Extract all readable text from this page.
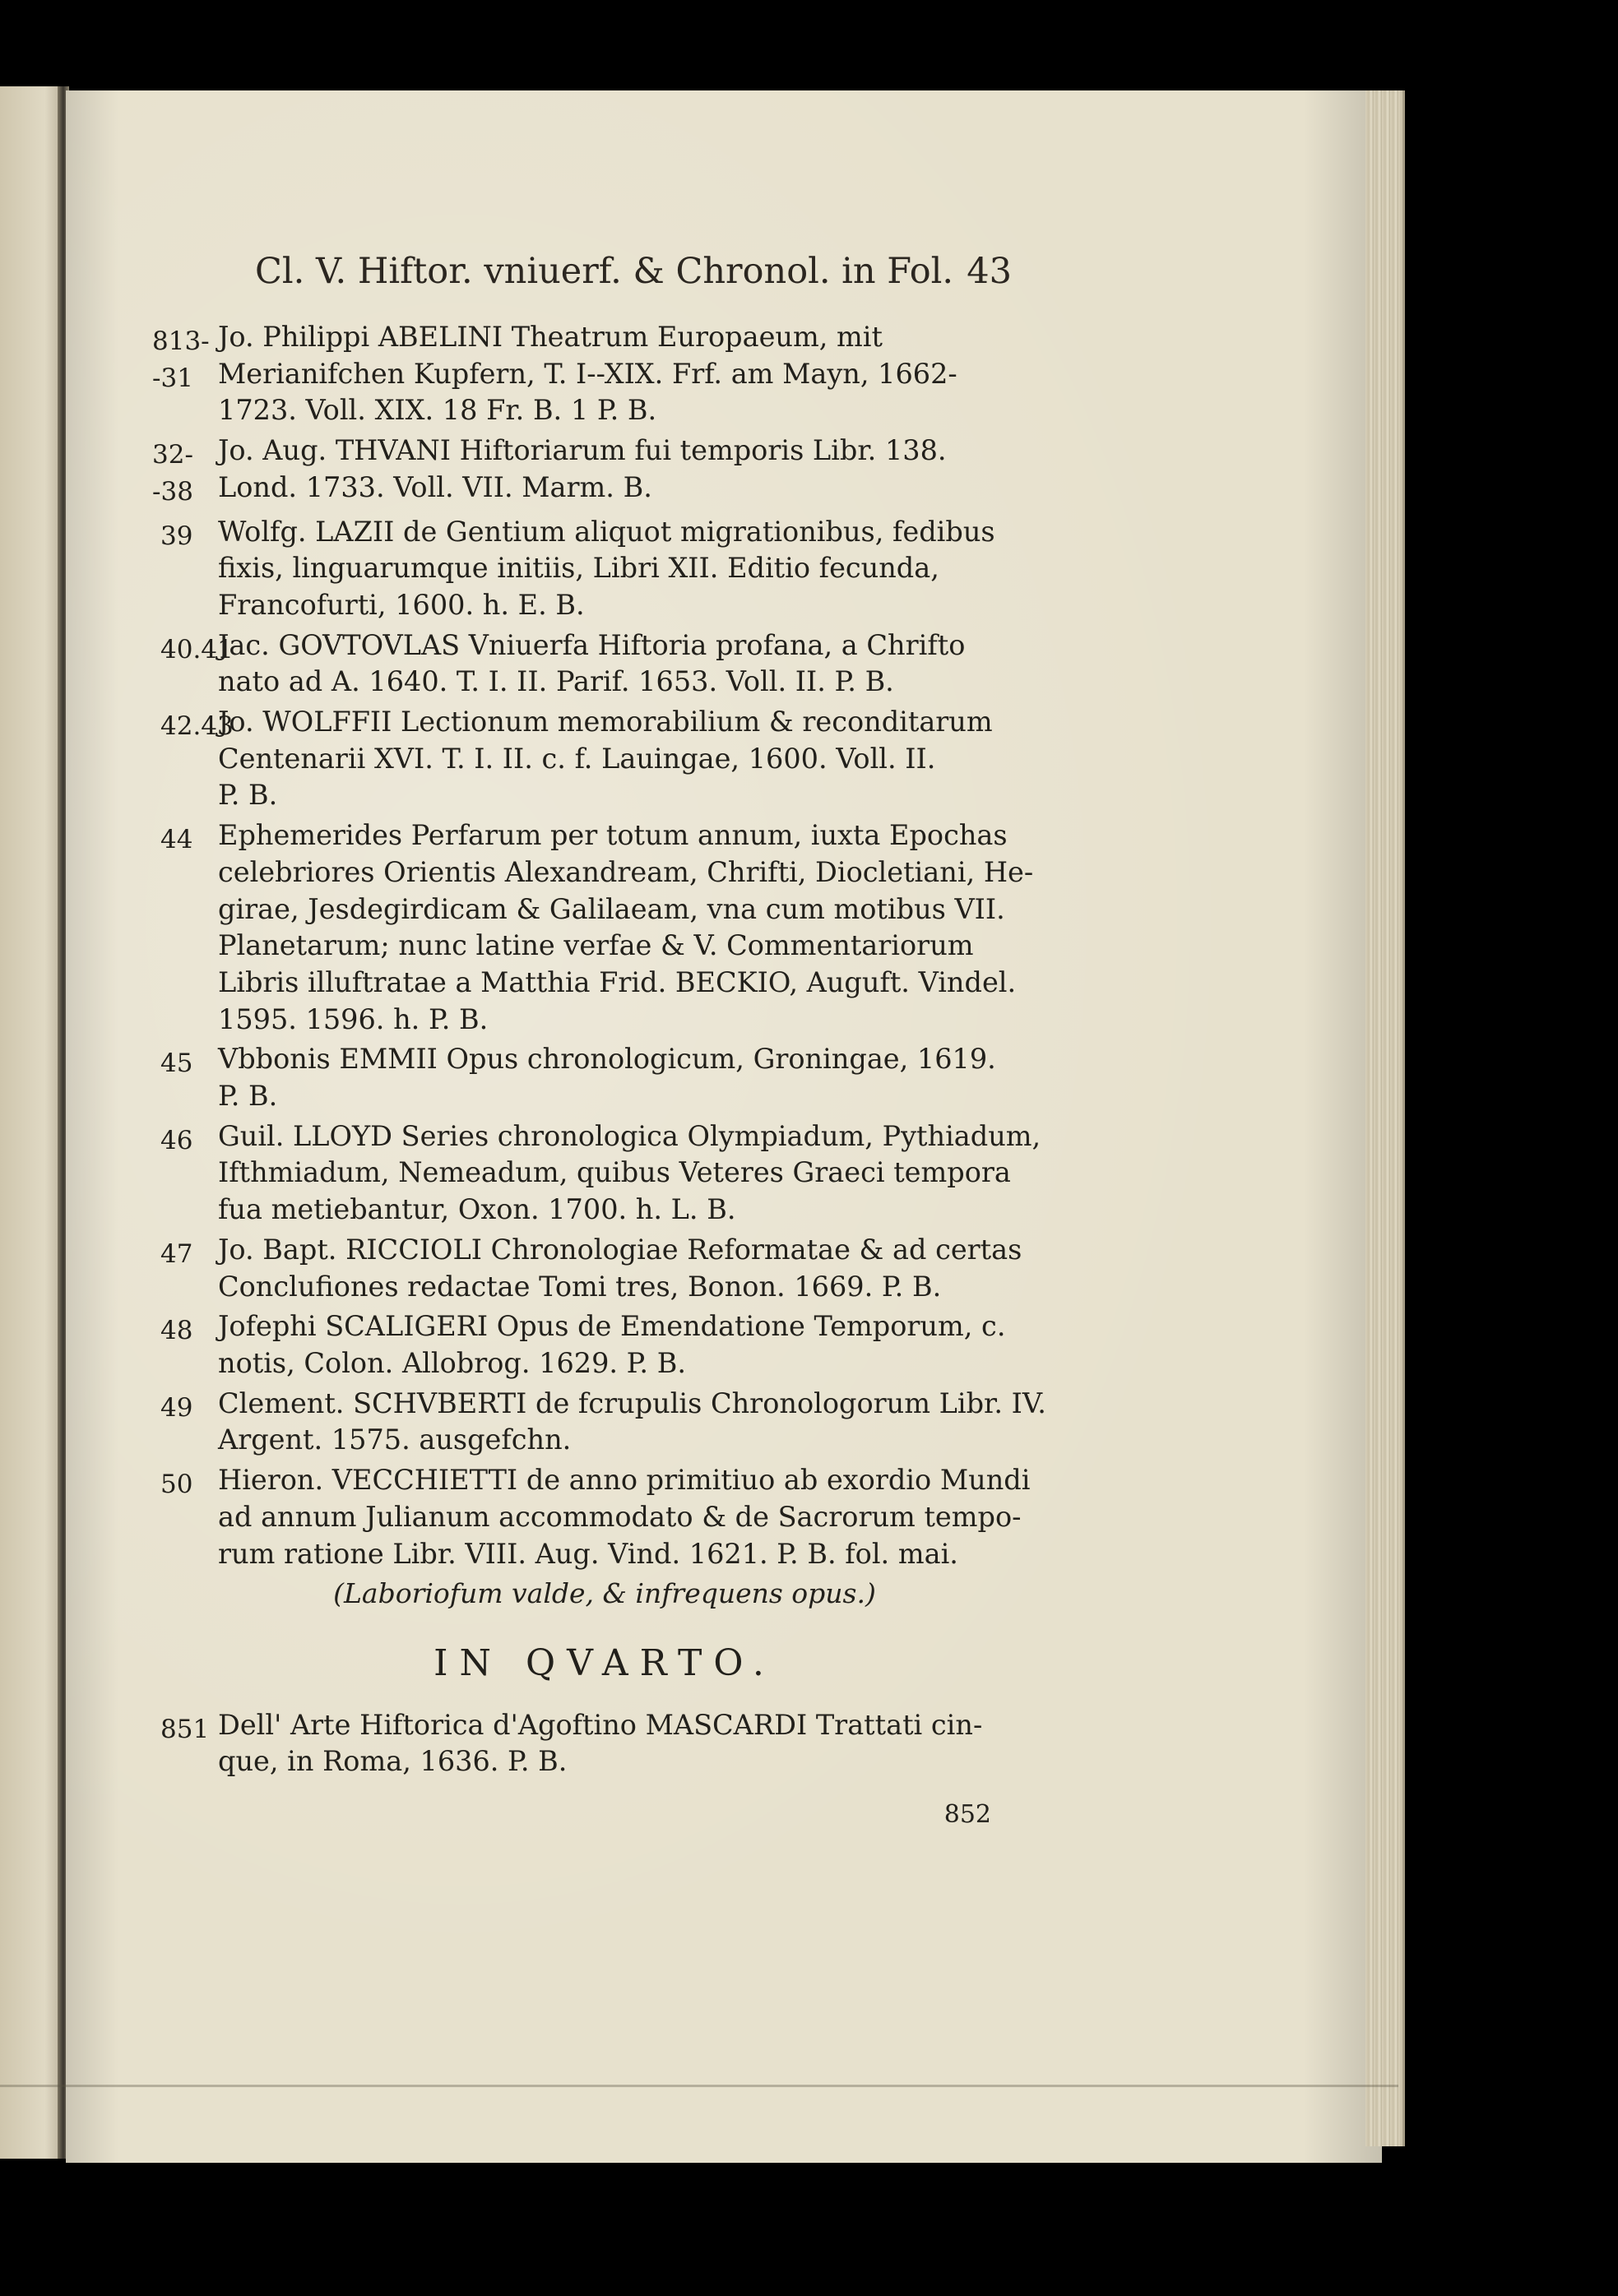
Cl. V. Hiftor. vniuerf. & Chronol. in Fol. 43
813--31
Jo. Philippi ABELINI Theatrum Europaeum, mit
Merianifchen Kupfern, T. I--XIX. Frf. am Mayn, 1662-
1723. Voll. XIX. 18 Fr. B. 1 P. B.
32--38
Jo. Aug. THVANI Hiftoriarum fui temporis Libr. 138.
Lond. 1733. Voll. VII. Marm. B.
39 Wolfg. LAZII de Gentium aliquot migrationibus, fedibus
fixis, linguarumque initiis, Libri XII. Editio fecunda,
Francofurti, 1600. h. E. B.
40.41
Jac. GOVTOVLAS Vniuerfa Hiftoria profana, a Chrifto
nato ad A. 1640. T. I. II. Parif. 1653. Voll. II. P. B.
42.43
Jo. WOLFFII Lectionum memorabilium & reconditarum
Centenarii XVI. T. I. II. c. f. Lauingae, 1600. Voll. II.
P. B.
44 Ephemerides Perfarum per totum annum, iuxta Epochas
celebriores Orientis Alexandream, Chrifti, Diocletiani, He-
girae, Jesdegirdicam & Galilaeam, vna cum motibus VII.
Planetarum; nunc latine verfae & V. Commentariorum
Libris illuftratae a Matthia Frid. BECKIO, Auguft. Vindel.
1595. 1596. h. P. B.
45 Vbbonis EMMII Opus chronologicum, Groningae, 1619.
P. B.
46 Guil. LLOYD Series chronologica Olympiadum, Pythiadum,
Ifthmiadum, Nemeadum, quibus Veteres Graeci tempora
fua metiebantur, Oxon. 1700. h. L. B.
47 Jo. Bapt. RICCIOLI Chronologiae Reformatae & ad certas
Conclufiones redactae Tomi tres, Bonon. 1669. P. B.
48 Jofephi SCALIGERI Opus de Emendatione Temporum, c.
notis, Colon. Allobrog. 1629. P. B.
49 Clement. SCHVBERTI de fcrupulis Chronologorum Libr. IV.
Argent. 1575. ausgefchn.
50 Hieron. VECCHIETTI de anno primitiuo ab exordio Mundi
ad annum Julianum accommodato & de Sacrorum tempo-
rum ratione Libr. VIII. Aug. Vind. 1621. P. B. fol. mai.
(Laboriofum valde, & infrequens opus.)
IN QVARTO.
851 Dell' Arte Hiftorica d'Agoftino MASCARDI Trattati cin-
que, in Roma, 1636. P. B.
852
